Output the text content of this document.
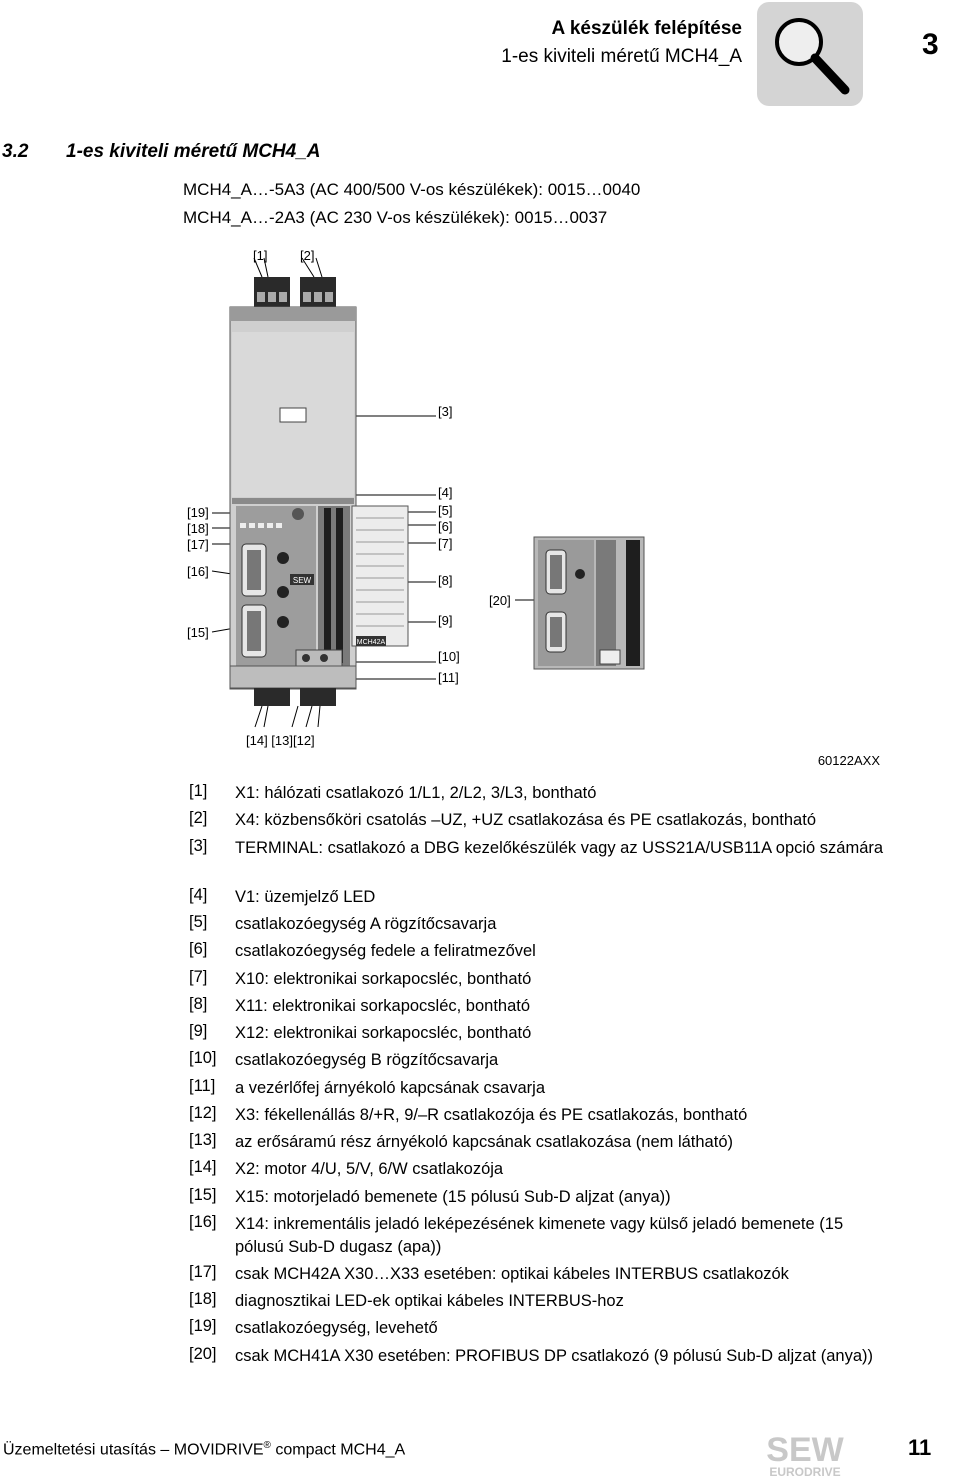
A készülék felépítése
1-es kiviteli méretű MCH4_A	3
3.2 1-es kiviteli méretű MCH4_A
MCH4_A…-5A3 (AC 400/500 V-os készülékek): 0015…0040
MCH4_A…-2A3 (AC 230 V-os készülékek): 0015…0037
SEW
MCH42A
[1]	[2]
[3]
[4]
[5]
[6]
[7]
[8]
[9]
[10]
[11]
[19]
[18]
[17]
[16]
[15]
[20]
[14] [13][12]
60122AXX
[1] X1: hálózati csatlakozó 1/L1, 2/L2, 3/L3, bontható
[2] X4: közbensőköri csatolás –UZ, +UZ csatlakozása és PE csatlakozás, bontható
[3] TERMINAL: csatlakozó a DBG kezelőkészülék vagy az USS21A/USB11A opció számára
[4] V1: üzemjelző LED
[5] csatlakozóegység A rögzítőcsavarja
[6] csatlakozóegység fedele a feliratmezővel
[7] X10: elektronikai sorkapocsléc, bontható
[8] X11: elektronikai sorkapocsléc, bontható
[9] X12: elektronikai sorkapocsléc, bontható
[10] csatlakozóegység B rögzítőcsavarja
[11] a vezérlőfej árnyékoló kapcsának csavarja
[12] X3: fékellenállás 8/+R, 9/–R csatlakozója és PE csatlakozás, bontható
[13] az erősáramú rész árnyékoló kapcsának csatlakozása (nem látható)
[14] X2: motor 4/U, 5/V, 6/W csatlakozója
[15] X15: motorjeladó bemenete (15 pólusú Sub-D aljzat (anya))
[16] X14: inkrementális jeladó leképezésének kimenete vagy külső jeladó bemenete (15 pólusú Sub-D dugasz (apa))
[17] csak MCH42A X30…X33 esetében: optikai kábeles INTERBUS csatlakozók
[18] diagnosztikai LED-ek optikai kábeles INTERBUS-hoz
[19] csatlakozóegység, levehető
[20] csak MCH41A X30 esetében: PROFIBUS DP csatlakozó (9 pólusú Sub-D aljzat (anya))
Üzemeltetési utasítás – MOVIDRIVE® compact MCH4_A	SEW
EURODRIVE
11
